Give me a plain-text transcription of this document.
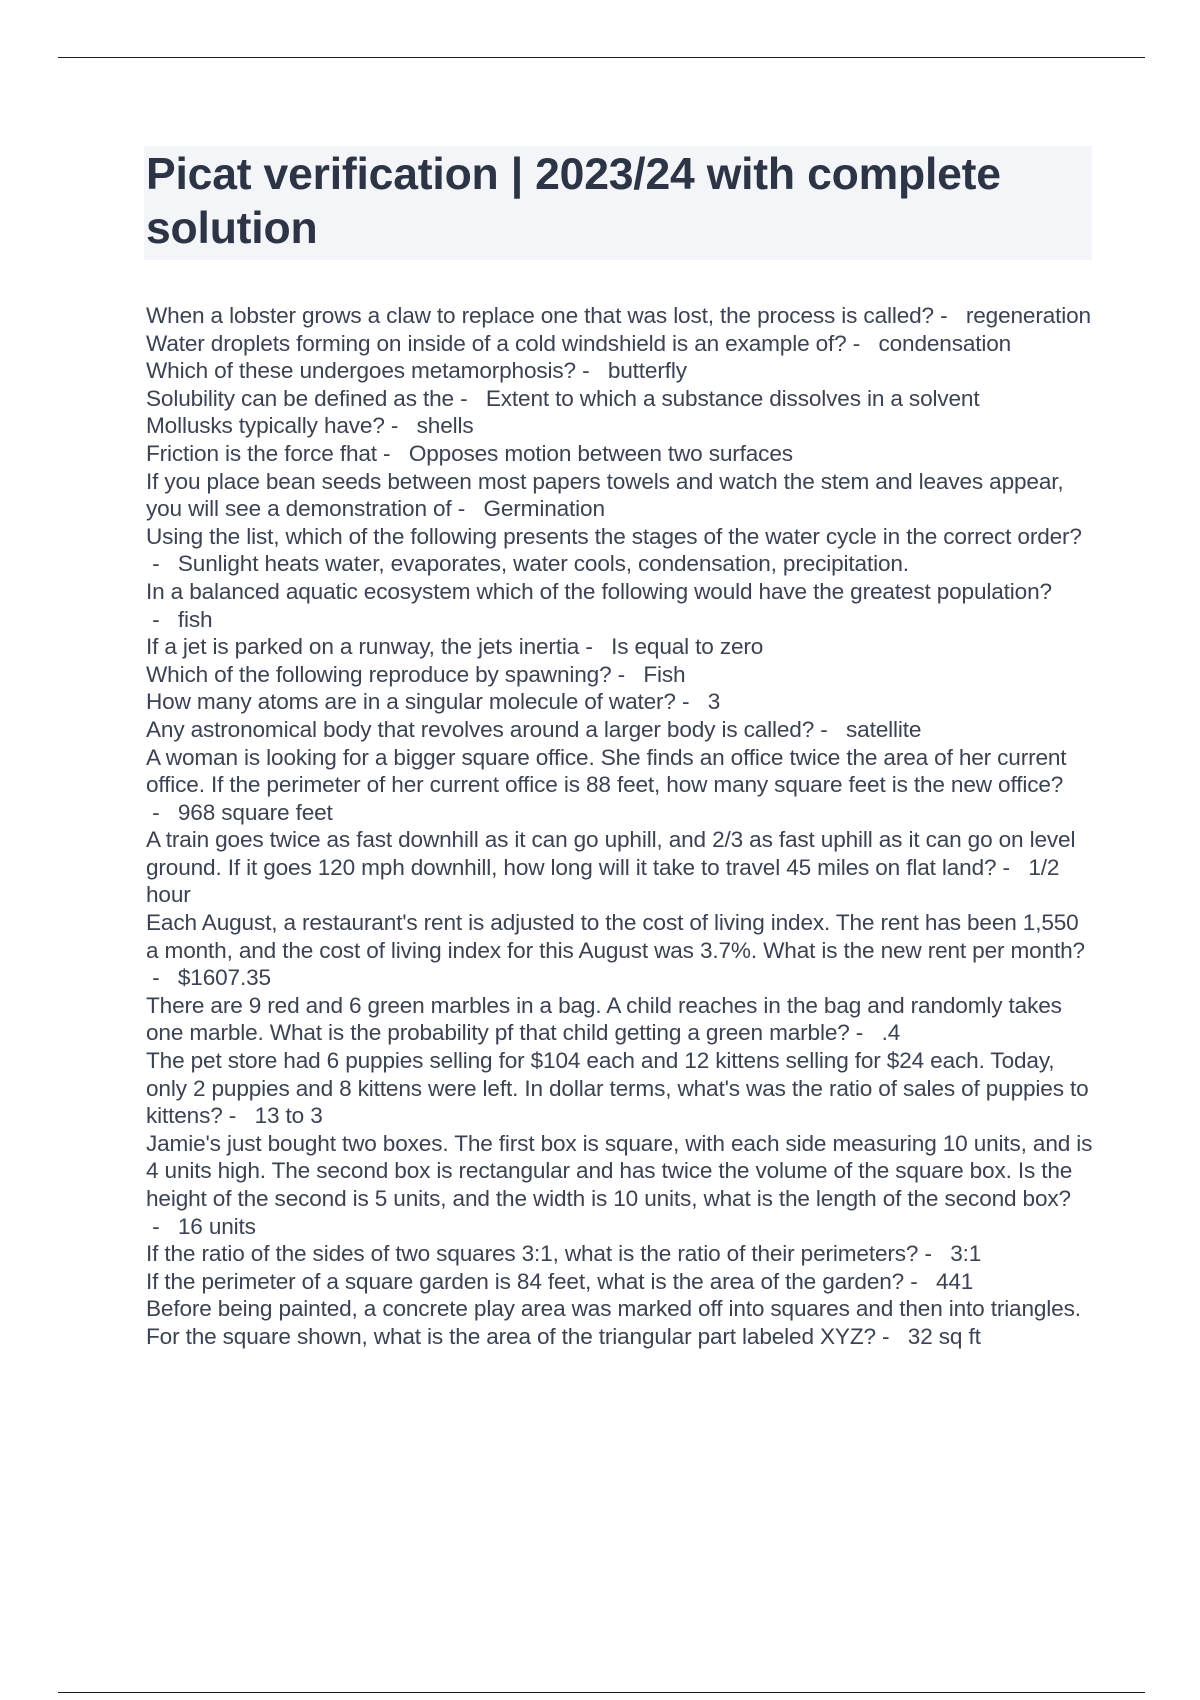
Picat verification | 2023/24 with complete solution
When a lobster grows a claw to replace one that was lost, the process is called? -   regeneration
Water droplets forming on inside of a cold windshield is an example of? -   condensation
Which of these undergoes metamorphosis? -   butterfly
Solubility can be defined as the -   Extent to which a substance dissolves in a solvent
Mollusks typically have? -   shells
Friction is the force fhat -   Opposes motion between two surfaces
If you place bean seeds between most papers towels and watch the stem and leaves appear, you will see a demonstration of -   Germination
Using the list, which of the following presents the stages of the water cycle in the correct order? -   Sunlight heats water, evaporates, water cools, condensation, precipitation.
In a balanced aquatic ecosystem which of the following would have the greatest population? -   fish
If a jet is parked on a runway, the jets inertia -   Is equal to zero
Which of the following reproduce by spawning? -   Fish
How many atoms are in a singular molecule of water? -   3
Any astronomical body that revolves around a larger body is called? -   satellite
A woman is looking for a bigger square office. She finds an office twice the area of her current office. If the perimeter of her current office is 88 feet, how many square feet is the new office? -   968 square feet
A train goes twice as fast downhill as it can go uphill, and 2/3 as fast uphill as it can go on level ground. If it goes 120 mph downhill, how long will it take to travel 45 miles on flat land? -   1/2 hour
Each August, a restaurant's rent is adjusted to the cost of living index. The rent has been 1,550 a month, and the cost of living index for this August was 3.7%. What is the new rent per month? -   $1607.35
There are 9 red and 6 green marbles in a bag. A child reaches in the bag and randomly takes one marble. What is the probability pf that child getting a green marble? -   .4
The pet store had 6 puppies selling for $104 each and 12 kittens selling for $24 each. Today, only 2 puppies and 8 kittens were left. In dollar terms, what's was the ratio of sales of puppies to kittens? -   13 to 3
Jamie's just bought two boxes. The first box is square, with each side measuring 10 units, and is 4 units high. The second box is rectangular and has twice the volume of the square box. Is the height of the second is 5 units, and the width is 10 units, what is the length of the second box? -   16 units
If the ratio of the sides of two squares 3:1, what is the ratio of their perimeters? -   3:1
If the perimeter of a square garden is 84 feet, what is the area of the garden? -   441
Before being painted, a concrete play area was marked off into squares and then into triangles. For the square shown, what is the area of the triangular part labeled XYZ? -   32 sq ft
